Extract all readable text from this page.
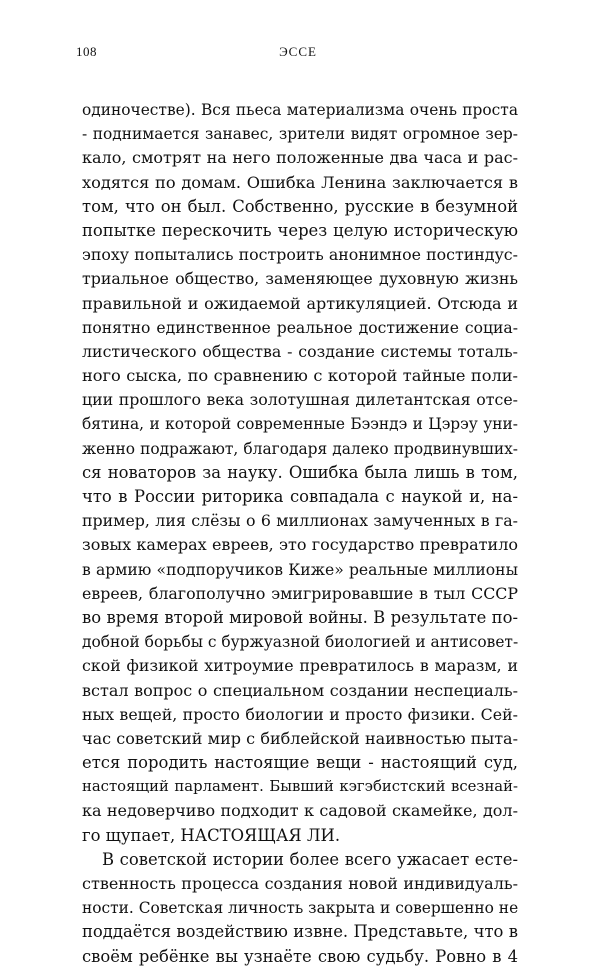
108	ЭССЕ
одиночестве). Вся пьеса материализма очень проста
- поднимается занавес, зрители видят огромное зер-
кало, смотрят на него положенные два часа и рас-
ходятся по домам. Ошибка Ленина заключается в
том, что он был. Собственно, русские в безумной
попытке перескочить через целую историческую
эпоху попытались построить анонимное постиндус-
триальное общество, заменяющее духовную жизнь
правильной и ожидаемой артикуляцией. Отсюда и
понятно единственное реальное достижение социа-
листического общества - создание системы тоталь-
ного сыска, по сравнению с которой тайные поли-
ции прошлого века золотушная дилетантская отсе-
бятина, и которой современные Бээндэ и Цэрэу уни-
женно подражают, благодаря далеко продвинувших-
ся новаторов за науку. Ошибка была лишь в том,
что в России риторика совпадала с наукой и, на-
пример, лия слёзы о 6 миллионах замученных в га-
зовых камерах евреев, это государство превратило
в армию «подпоручиков Киже» реальные миллионы
евреев, благополучно эмигрировавшие в тыл СССР
во время второй мировой войны. В результате по-
добной борьбы с буржуазной биологией и антисовет-
ской физикой хитроумие превратилось в маразм, и
встал вопрос о специальном создании неспециаль-
ных вещей, просто биологии и просто физики. Сей-
час советский мир с библейской наивностью пыта-
ется породить настоящие вещи - настоящий суд,
настоящий парламент. Бывший кэгэбистский всезнай-
ка недоверчиво подходит к садовой скамейке, дол-
го щупает, НАСТОЯЩАЯ ЛИ.
В советской истории более всего ужасает есте-
ственность процесса создания новой индивидуаль-
ности. Советская личность закрыта и совершенно не
поддаётся воздействию извне. Представьте, что в
своём ребёнке вы узнаёте свою судьбу. Ровно в 4
